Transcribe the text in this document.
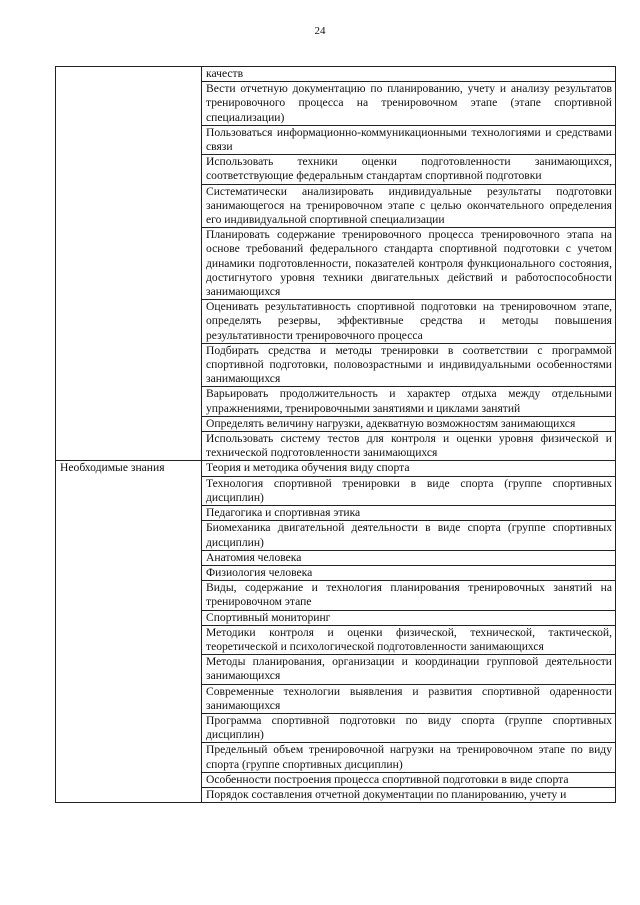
24
	качеств
	Вести отчетную документацию по планированию, учету и анализу результатов тренировочного процесса на тренировочном этапе (этапе спортивной специализации)
	Пользоваться информационно-коммуникационными технологиями и средствами связи
	Использовать техники оценки подготовленности занимающихся, соответствующие федеральным стандартам спортивной подготовки
	Систематически анализировать индивидуальные результаты подготовки занимающегося на тренировочном этапе с целью окончательного определения его индивидуальной спортивной специализации
	Планировать содержание тренировочного процесса тренировочного этапа на основе требований федерального стандарта спортивной подготовки с учетом динамики подготовленности, показателей контроля функционального состояния, достигнутого уровня техники двигательных действий и работоспособности занимающихся
	Оценивать результативность спортивной подготовки на тренировочном этапе, определять резервы, эффективные средства и методы повышения результативности тренировочного процесса
	Подбирать средства и методы тренировки в соответствии с программой спортивной подготовки, половозрастными и индивидуальными особенностями занимающихся
	Варьировать продолжительность и характер отдыха между отдельными упражнениями, тренировочными занятиями и циклами занятий
	Определять величину нагрузки, адекватную возможностям занимающихся
	Использовать систему тестов для контроля и оценки уровня физической и технической подготовленности занимающихся
Необходимые знания	Теория и методика обучения виду спорта
	Технология спортивной тренировки в виде спорта (группе спортивных дисциплин)
	Педагогика и спортивная этика
	Биомеханика двигательной деятельности в виде спорта (группе спортивных дисциплин)
	Анатомия человека
	Физиология человека
	Виды, содержание и технология планирования тренировочных занятий на тренировочном этапе
	Спортивный мониторинг
	Методики контроля и оценки физической, технической, тактической, теоретической и психологической подготовленности занимающихся
	Методы планирования, организации и координации групповой деятельности занимающихся
	Современные технологии выявления и развития спортивной одаренности занимающихся
	Программа спортивной подготовки по виду спорта (группе спортивных дисциплин)
	Предельный объем тренировочной нагрузки на тренировочном этапе по виду спорта (группе спортивных дисциплин)
	Особенности построения процесса спортивной подготовки в виде спорта
	Порядок составления отчетной документации по планированию, учету и
